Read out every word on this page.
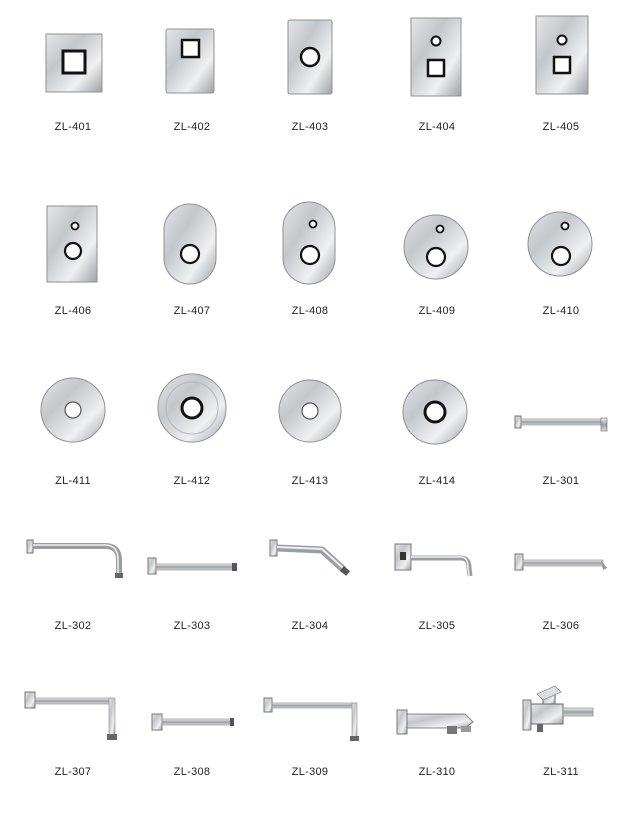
ZL-401	ZL-402	ZL-403	ZL-404	ZL-405
ZL-406	ZL-407	ZL-408	ZL-409	ZL-410
ZL-411	ZL-412	ZL-413	ZL-414	ZL-301
ZL-302	ZL-303	ZL-304	ZL-305	ZL-306
ZL-307	ZL-308	ZL-309	ZL-310	ZL-311
